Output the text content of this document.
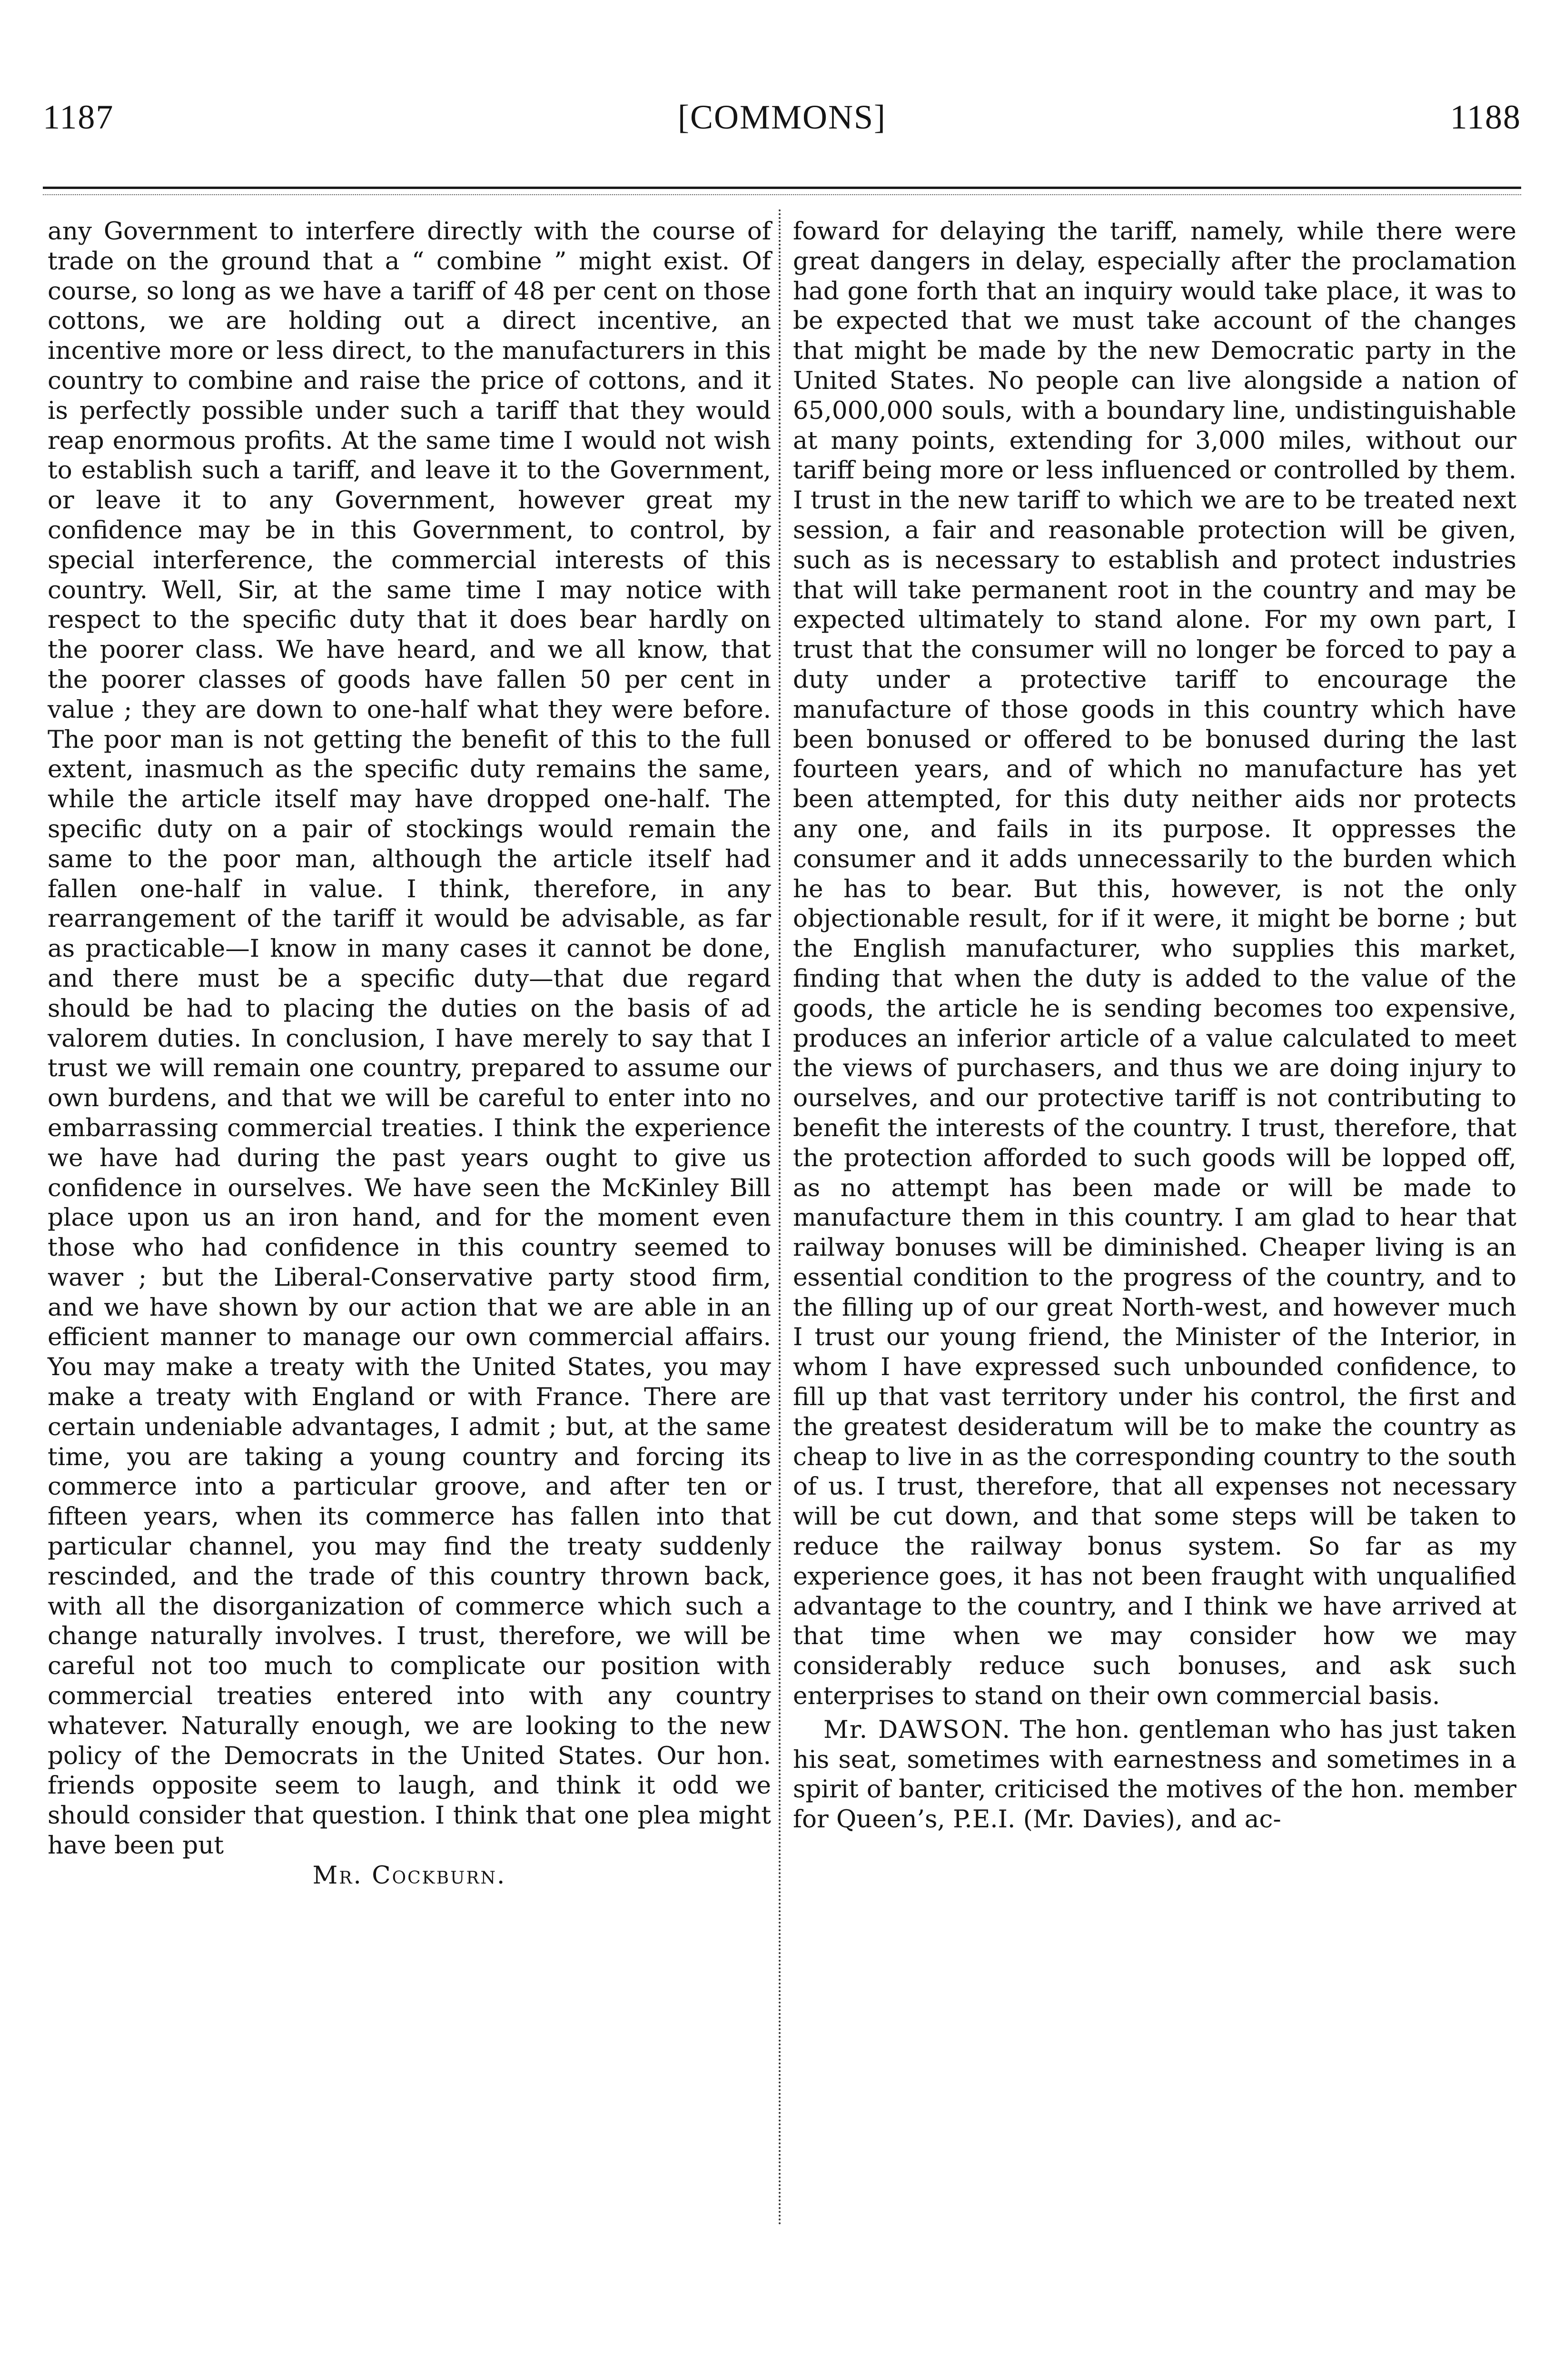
1187	[COMMONS]	1188

any Government to interfere directly with the course of trade on the ground that a “ combine ” might exist. Of course, so long as we have a tariff of 48 per cent on those cottons, we are holding out a direct incentive, an incentive more or less direct, to the manufacturers in this country to combine and raise the price of cottons, and it is perfectly possible under such a tariff that they would reap enormous profits. At the same time I would not wish to establish such a tariff, and leave it to the Government, or leave it to any Government, however great my confidence may be in this Government, to control, by special interference, the commercial interests of this country. Well, Sir, at the same time I may notice with respect to the specific duty that it does bear hardly on the poorer class. We have heard, and we all know, that the poorer classes of goods have fallen 50 per cent in value ; they are down to one-half what they were before. The poor man is not getting the benefit of this to the full extent, inasmuch as the specific duty remains the same, while the article itself may have dropped one-half. The specific duty on a pair of stockings would remain the same to the poor man, although the article itself had fallen one-half in value. I think, therefore, in any rearrangement of the tariff it would be advisable, as far as practicable—I know in many cases it cannot be done, and there must be a specific duty—that due regard should be had to placing the duties on the basis of ad valorem duties. In conclusion, I have merely to say that I trust we will remain one country, prepared to assume our own burdens, and that we will be careful to enter into no embarrassing commercial treaties. I think the experience we have had during the past years ought to give us confidence in ourselves. We have seen the McKinley Bill place upon us an iron hand, and for the moment even those who had confidence in this country seemed to waver ; but the Liberal-Conservative party stood firm, and we have shown by our action that we are able in an efficient manner to manage our own commercial affairs. You may make a treaty with the United States, you may make a treaty with England or with France. There are certain undeniable advantages, I admit ; but, at the same time, you are taking a young country and forcing its commerce into a particular groove, and after ten or fifteen years, when its commerce has fallen into that particular channel, you may find the treaty suddenly rescinded, and the trade of this country thrown back, with all the disorganization of commerce which such a change naturally involves. I trust, therefore, we will be careful not too much to complicate our position with commercial treaties entered into with any country whatever. Naturally enough, we are looking to the new policy of the Democrats in the United States. Our hon. friends opposite seem to laugh, and think it odd we should consider that question. I think that one plea might have been put

Mr. Cockburn.

foward for delaying the tariff, namely, while there were great dangers in delay, especially after the proclamation had gone forth that an inquiry would take place, it was to be expected that we must take account of the changes that might be made by the new Democratic party in the United States. No people can live alongside a nation of 65,000,000 souls, with a boundary line, undistinguishable at many points, extending for 3,000 miles, without our tariff being more or less influenced or controlled by them. I trust in the new tariff to which we are to be treated next session, a fair and reasonable protection will be given, such as is necessary to establish and protect industries that will take permanent root in the country and may be expected ultimately to stand alone. For my own part, I trust that the consumer will no longer be forced to pay a duty under a protective tariff to encourage the manufacture of those goods in this country which have been bonused or offered to be bonused during the last fourteen years, and of which no manufacture has yet been attempted, for this duty neither aids nor protects any one, and fails in its purpose. It oppresses the consumer and it adds unnecessarily to the burden which he has to bear. But this, however, is not the only objectionable result, for if it were, it might be borne ; but the English manufacturer, who supplies this market, finding that when the duty is added to the value of the goods, the article he is sending becomes too expensive, produces an inferior article of a value calculated to meet the views of purchasers, and thus we are doing injury to ourselves, and our protective tariff is not contributing to benefit the interests of the country. I trust, therefore, that the protection afforded to such goods will be lopped off, as no attempt has been made or will be made to manufacture them in this country. I am glad to hear that railway bonuses will be diminished. Cheaper living is an essential condition to the progress of the country, and to the filling up of our great North-west, and however much I trust our young friend, the Minister of the Interior, in whom I have expressed such unbounded confidence, to fill up that vast territory under his control, the first and the greatest desideratum will be to make the country as cheap to live in as the corresponding country to the south of us. I trust, therefore, that all expenses not necessary will be cut down, and that some steps will be taken to reduce the railway bonus system. So far as my experience goes, it has not been fraught with unqualified advantage to the country, and I think we have arrived at that time when we may consider how we may considerably reduce such bonuses, and ask such enterprises to stand on their own commercial basis.

Mr. DAWSON. The hon. gentleman who has just taken his seat, sometimes with earnestness and sometimes in a spirit of banter, criticised the motives of the hon. member for Queen’s, P.E.I. (Mr. Davies), and ac-
